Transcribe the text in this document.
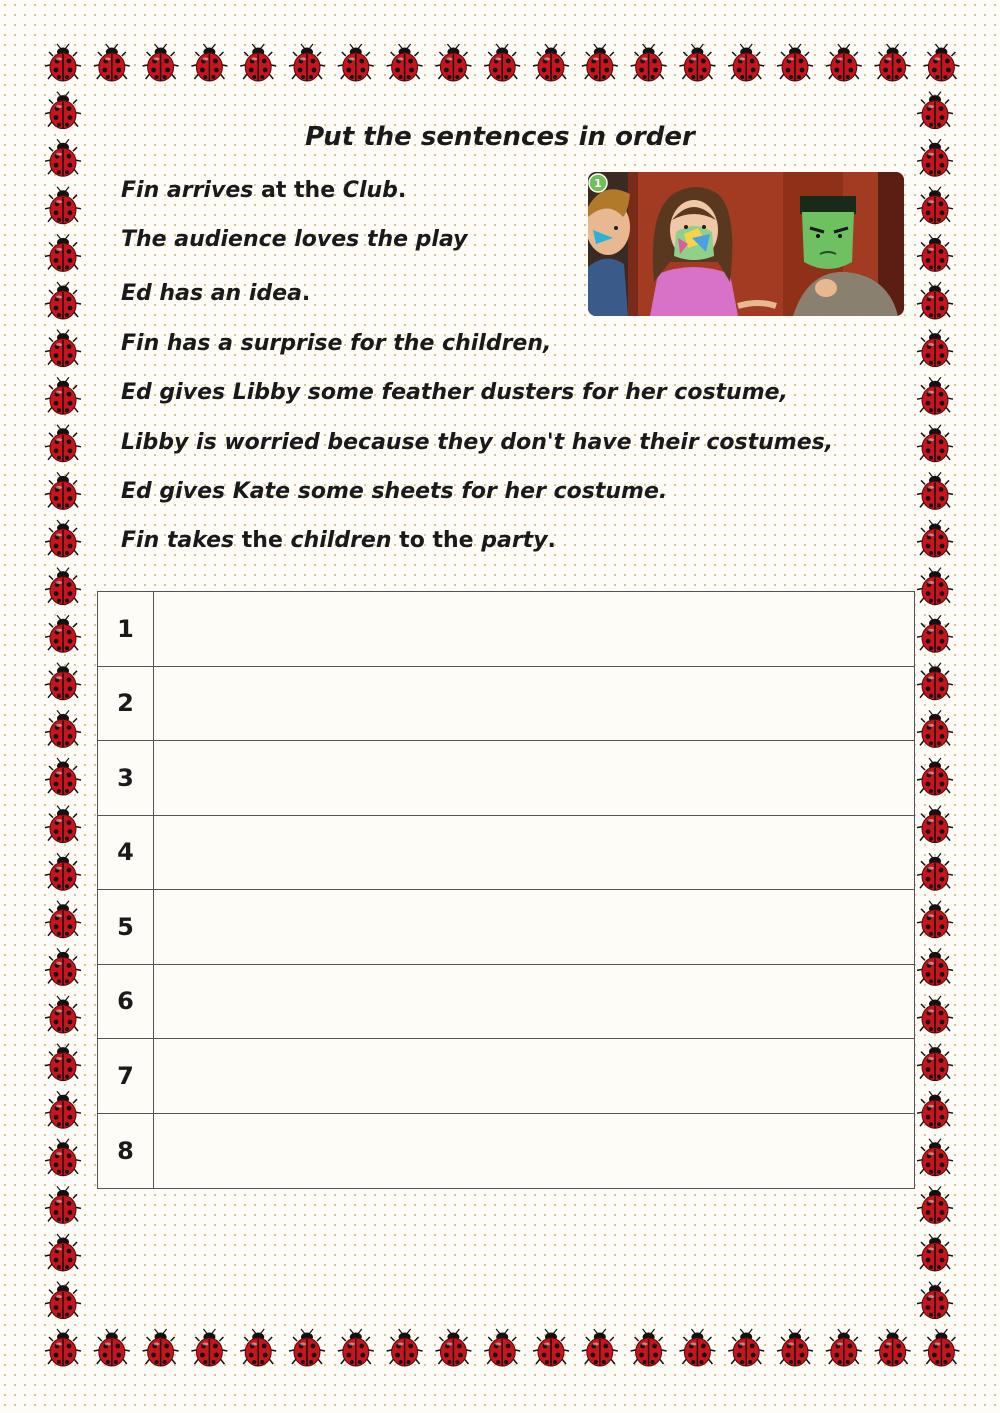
Put the sentences in order
Fin arrives at the Club.
The audience loves the play
Ed has an idea.
Fin has a surprise for the children,
Ed gives Libby some feather dusters for her costume,
Libby is worried because they don't have their costumes,
Ed gives Kate some sheets for her costume.
Fin takes the children to the party.
1
1
2
3
4
5
6
7
8
